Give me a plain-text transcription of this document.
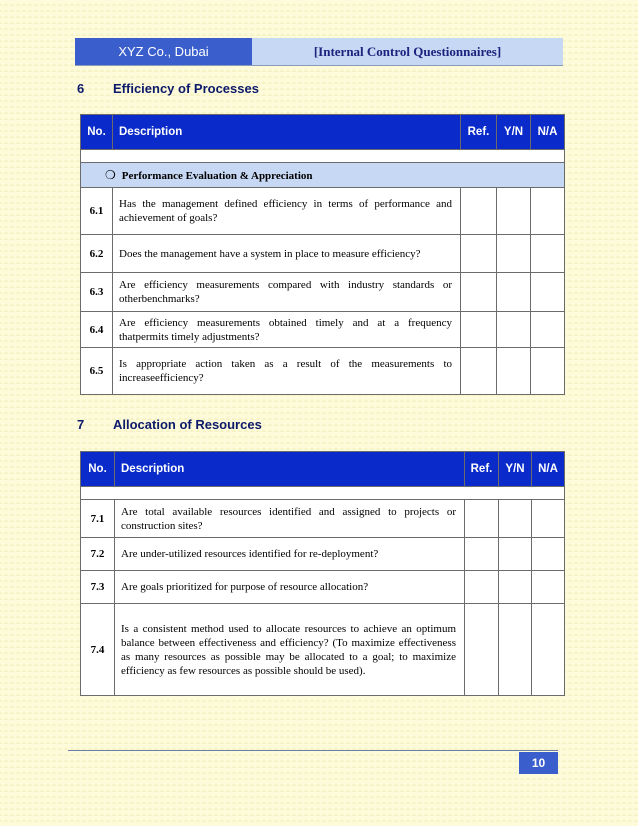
XYZ Co., Dubai	[Internal Control Questionnaires]
6 Efficiency of Processes
No.	Description	Ref.	Y/N	N/A

❍ Performance Evaluation & Appreciation				
6.1	Has the management defined efficiency in terms of performance and achievement of goals?			
6.2	Does the management have a system in place to measure efficiency?			
6.3	Are efficiency measurements compared with industry standards or otherbenchmarks?			
6.4	Are efficiency measurements obtained timely and at a frequency thatpermits timely adjustments?			
6.5	Is appropriate action taken as a result of the measurements to increaseefficiency?			
7 Allocation of Resources
No.	Description	Ref.	Y/N	N/A

7.1	Are total available resources identified and assigned to projects or construction sites?			
7.2	Are under-utilized resources identified for re-deployment?			
7.3	Are goals prioritized for purpose of resource allocation?			
7.4	Is a consistent method used to allocate resources to achieve an optimum balance between effectiveness and efficiency? (To maximize effectiveness as many resources as possible may be allocated to a goal; to maximize efficiency as few resources as possible should be used).			
10
